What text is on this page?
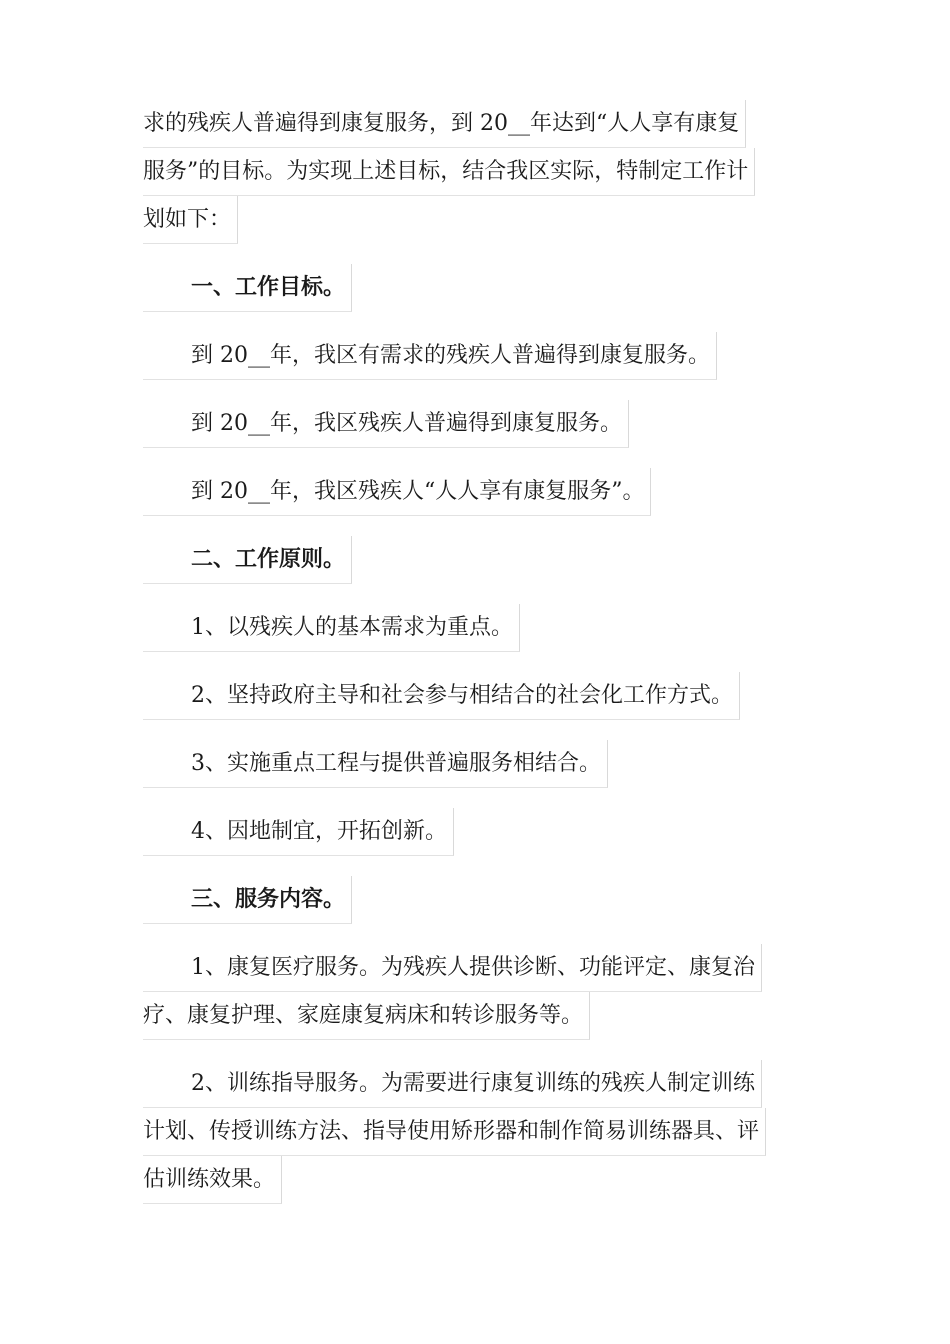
求的残疾人普遍得到康复服务，到 20__年达到“人人享有康复
服务”的目标。为实现上述目标，结合我区实际，特制定工作计
划如下：

一、工作目标。

到 20__年，我区有需求的残疾人普遍得到康复服务。

到 20__年，我区残疾人普遍得到康复服务。

到 20__年，我区残疾人“人人享有康复服务”。

二、工作原则。

1、以残疾人的基本需求为重点。

2、坚持政府主导和社会参与相结合的社会化工作方式。

3、实施重点工程与提供普遍服务相结合。

4、因地制宜，开拓创新。

三、服务内容。

1、康复医疗服务。为残疾人提供诊断、功能评定、康复治
疗、康复护理、家庭康复病床和转诊服务等。

2、训练指导服务。为需要进行康复训练的残疾人制定训练
计划、传授训练方法、指导使用矫形器和制作简易训练器具、评
估训练效果。
